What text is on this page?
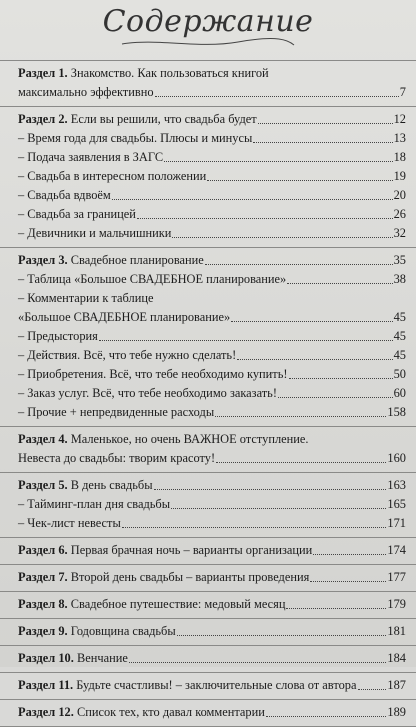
Содержание
Раздел 1. Знакомство. Как пользоваться книгой
максимально эффективно	7
Раздел 2. Если вы решили, что свадьба будет	12
– Время года для свадьбы. Плюсы и минусы	13
– Подача заявления в ЗАГС	18
– Свадьба в интересном положении	19
– Свадьба вдвоём	20
– Свадьба за границей	26
– Девичники и мальчишники	32
Раздел 3. Свадебное планирование	35
– Таблица «Большое СВАДЕБНОЕ планирование»	38
– Комментарии к таблице
«Большое СВАДЕБНОЕ планирование»	45
– Предыстория	45
– Действия. Всё, что тебе нужно сделать!	45
– Приобретения. Всё, что тебе необходимо купить!	50
– Заказ услуг. Всё, что тебе необходимо заказать!	60
– Прочие + непредвиденные расходы	158
Раздел 4. Маленькое, но очень ВАЖНОЕ отступление.
Невеста до свадьбы: творим красоту!	160
Раздел 5. В день свадьбы	163
– Тайминг-план дня свадьбы	165
– Чек-лист невесты	171
Раздел 6. Первая брачная ночь – варианты организации	174
Раздел 7. Второй день свадьбы – варианты проведения	177
Раздел 8. Свадебное путешествие: медовый месяц	179
Раздел 9. Годовщина свадьбы	181
Раздел 10. Венчание	184
Раздел 11. Будьте счастливы! – заключительные слова от автора 187
Раздел 12. Список тех, кто давал комментарии	189
